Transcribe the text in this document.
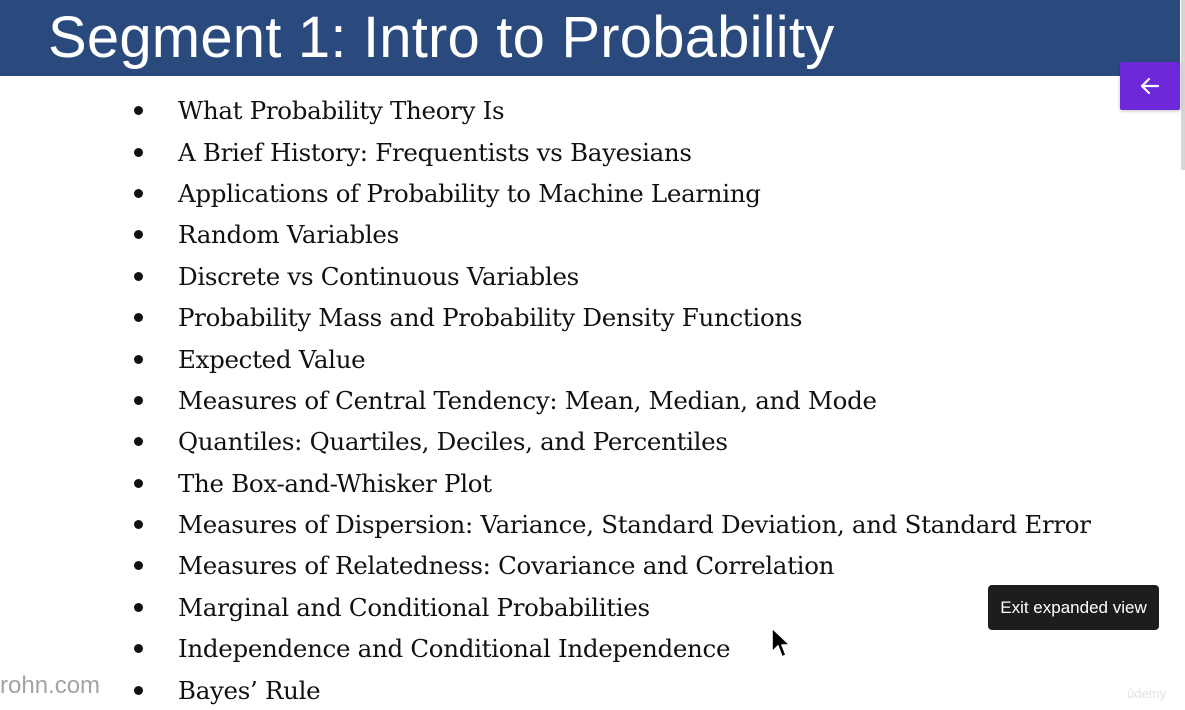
Segment 1: Intro to Probability
What Probability Theory Is
A Brief History: Frequentists vs Bayesians
Applications of Probability to Machine Learning
Random Variables
Discrete vs Continuous Variables
Probability Mass and Probability Density Functions
Expected Value
Measures of Central Tendency: Mean, Median, and Mode
Quantiles: Quartiles, Deciles, and Percentiles
The Box-and-Whisker Plot
Measures of Dispersion: Variance, Standard Deviation, and Standard Error
Measures of Relatedness: Covariance and Correlation
Marginal and Conditional Probabilities
Independence and Conditional Independence
Bayes’ Rule
Exit expanded view
rohn.com	ûdemy
